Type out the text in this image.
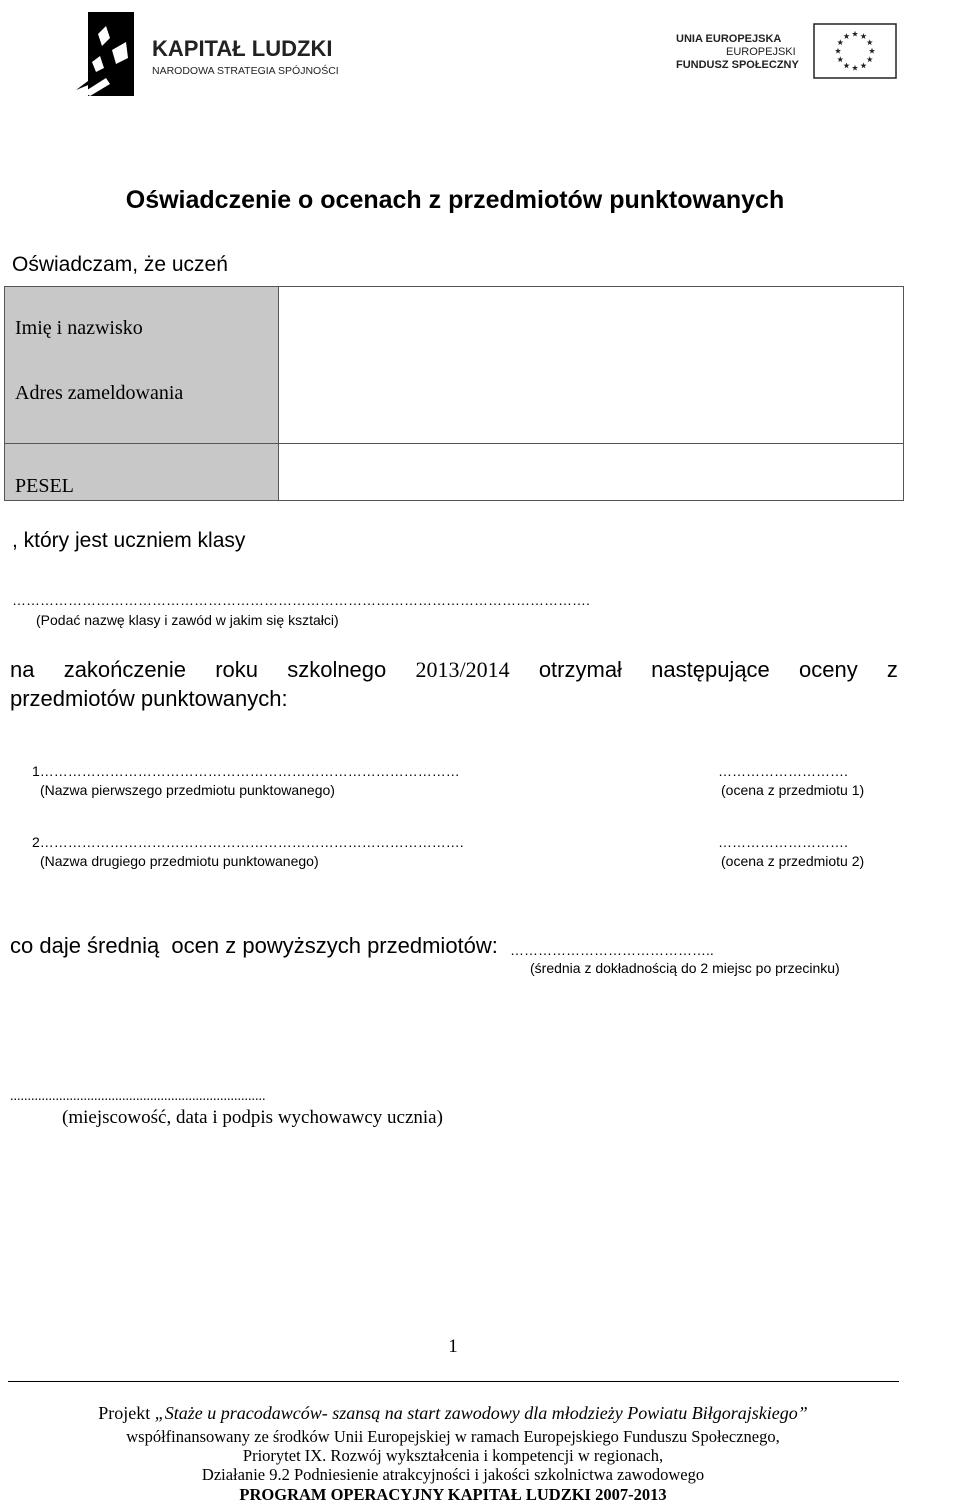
KAPITAŁ LUDZKI
NARODOWA STRATEGIA SPÓJNOŚCI
UNIA EUROPEJSKA
EUROPEJSKI
FUNDUSZ SPOŁECZNY
Oświadczenie o ocenach z przedmiotów punktowanych
Oświadczam, że uczeń
Imię i nazwisko
Adres zameldowania	

PESEL	

, który jest uczniem klasy
…………………………………………………………………………………………………………….
(Podać nazwę klasy i zawód w jakim się kształci)
na zakończenie roku szkolnego 2013/2014 otrzymał następujące oceny z
przedmiotów punktowanych:
1………………………………………………………………………………	……………………….
(Nazwa pierwszego przedmiotu punktowanego)	(ocena z przedmiotu 1)
2……………………………………………………………………………….	……………………….
(Nazwa drugiego przedmiotu punktowanego)	(ocena z przedmiotu 2)
co daje średnią  ocen z powyższych przedmiotów: ……………………………………..
(średnia z dokładnością do 2 miejsc po przecinku)
.........................................................................
(miejscowość, data i podpis wychowawcy ucznia)
1
Projekt „Staże u pracodawców- szansą na start zawodowy dla młodzieży Powiatu Biłgorajskiego”
współfinansowany ze środków Unii Europejskiej w ramach Europejskiego Funduszu Społecznego,
Priorytet IX. Rozwój wykształcenia i kompetencji w regionach,
Działanie 9.2 Podniesienie atrakcyjności i jakości szkolnictwa zawodowego
PROGRAM OPERACYJNY KAPITAŁ LUDZKI 2007-2013
